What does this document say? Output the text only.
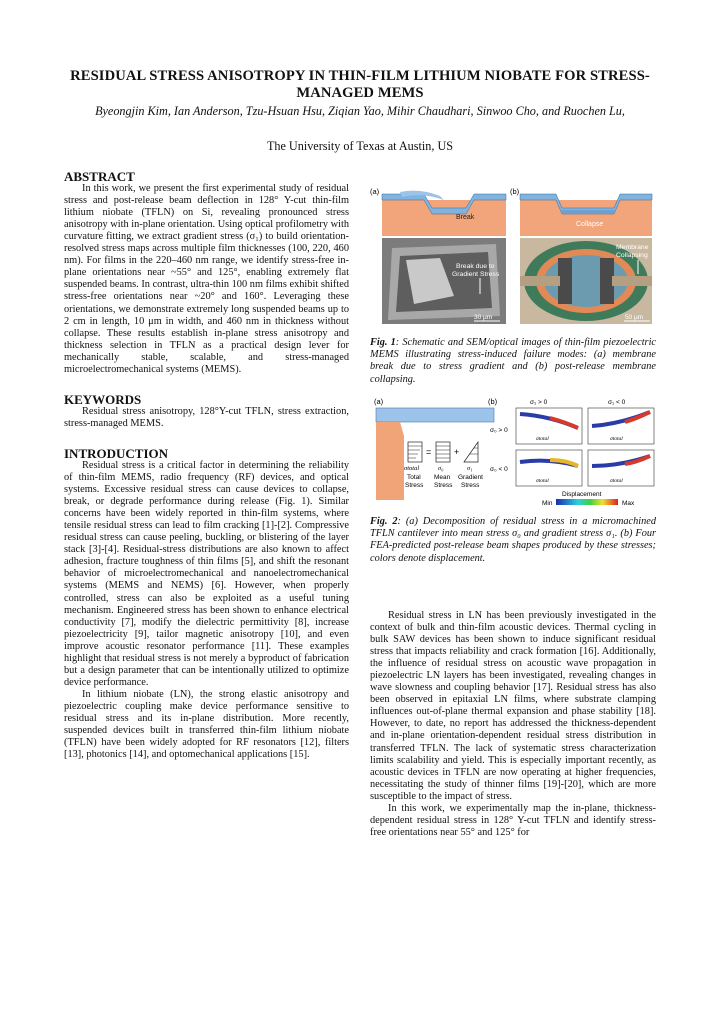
RESIDUAL STRESS ANISOTROPY IN THIN-FILM LITHIUM NIOBATE FOR STRESS-MANAGED MEMS
Byeongjin Kim, Ian Anderson, Tzu-Hsuan Hsu, Ziqian Yao, Mihir Chaudhari, Sinwoo Cho, and Ruochen Lu,
The University of Texas at Austin, US
ABSTRACT

In this work, we present the first experimental study of residual stress and post-release beam deflection in 128° Y-cut thin-film lithium niobate (TFLN) on Si, revealing pronounced stress anisotropy with in-plane orientation. Using optical profilometry with curvature fitting, we extract gradient stress (σ₁) to build orientation-resolved stress maps across multiple film thicknesses (100, 220, 460 nm). For films in the 220–460 nm range, we identify stress-free in-plane orientations near ~55° and 125°, enabling extremely flat suspended beams. In contrast, ultra-thin 100 nm films exhibit shifted stress-free orientations near ~20° and 160°. Leveraging these orientations, we demonstrate extremely long suspended beams up to 2 cm in length, 10 μm in width, and 460 nm in thickness without collapse. These results establish in-plane stress anisotropy and thickness selection in TFLN as a practical design lever for mechanically stable, scalable, and stress-managed microelectromechanical systems (MEMS).

KEYWORDS

Residual stress anisotropy, 128°Y-cut TFLN, stress extraction, stress-managed MEMS.

INTRODUCTION

Residual stress is a critical factor in determining the reliability of thin-film MEMS, radio frequency (RF) devices, and optical systems. Excessive residual stress can cause devices to collapse, break, or degrade performance during release (Fig. 1). Similar concerns have been widely reported in thin-film systems, where tensile residual stress can lead to film cracking [1]-[2]. Compressive residual stress can cause peeling, buckling, or blistering of the layer stack [3]-[4]. Residual-stress distributions are also known to affect adhesion, fracture toughness of thin films [5], and shift the resonant behavior of microelectromechanical and nanoelectromechanical systems (MEMS and NEMS) [6]. However, when properly controlled, stress can also be exploited as a useful tuning mechanism. Engineered stress has been shown to enhance electrical conductivity [7], modify the dielectric permittivity [8], increase piezoelectricity [9], tailor magnetic anisotropy [10], and even improve acoustic resonator performance [11]. These examples highlight that residual stress is not merely a byproduct of fabrication but a design parameter that can be intentionally utilized to optimize device performance.

In lithium niobate (LN), the strong elastic anisotropy and piezoelectric coupling make device performance sensitive to residual stress and its in-plane distribution. More recently, suspended devices built in transferred thin-film lithium niobate (TFLN) have been widely adopted for RF resonators [12], filters [13], photonics [14], and optomechanical applications [15].

Break
Break due to
Gradient Stress
30 μm
(a)
Collapse
Membrane
Collapsing
50 μm
(b)
Fig. 1: Schematic and SEM/optical images of thin-film piezoelectric MEMS illustrating stress-induced failure modes: (a) membrane break due to stress gradient and (b) post-release membrane collapsing.
(a)	(b)
=	+
σtotal	σ₀	σ₁
Total
Stress
Mean
Stress
Gradient
Stress
σ₁ > 0	σ₁ < 0
σ₀ > 0
σ₀ < 0
σtotal	σtotal
σtotal	σtotal
Displacement
Min	Max
Fig. 2: (a) Decomposition of residual stress in a micromachined TFLN cantilever into mean stress σ₀ and gradient stress σ₁. (b) Four FEA-predicted post-release beam shapes produced by these stresses; colors denote displacement.

Residual stress in LN has been previously investigated in the context of bulk and thin-film acoustic devices. Thermal cycling in bulk SAW devices has been shown to induce significant residual stress that impacts reliability and crack formation [16]. Additionally, the influence of residual stress on acoustic wave propagation in piezoelectric LN layers has been investigated, revealing changes in wave slowness and coupling behavior [17]. Residual stress has also been observed in epitaxial LN films, where substrate clamping influences out-of-plane thermal expansion and phase stability [18]. However, to date, no report has addressed the thickness-dependent and in-plane orientation-dependent residual stress distribution in transferred TFLN. The lack of systematic stress characterization limits scalability and yield. This is especially important recently, as acoustic devices in TFLN are now operating at higher frequencies, necessitating the study of thinner films [19]-[20], which are more susceptible to the impact of stress.

In this work, we experimentally map the in-plane, thickness-dependent residual stress in 128° Y-cut TFLN and identify stress-free orientations near 55° and 125° for
